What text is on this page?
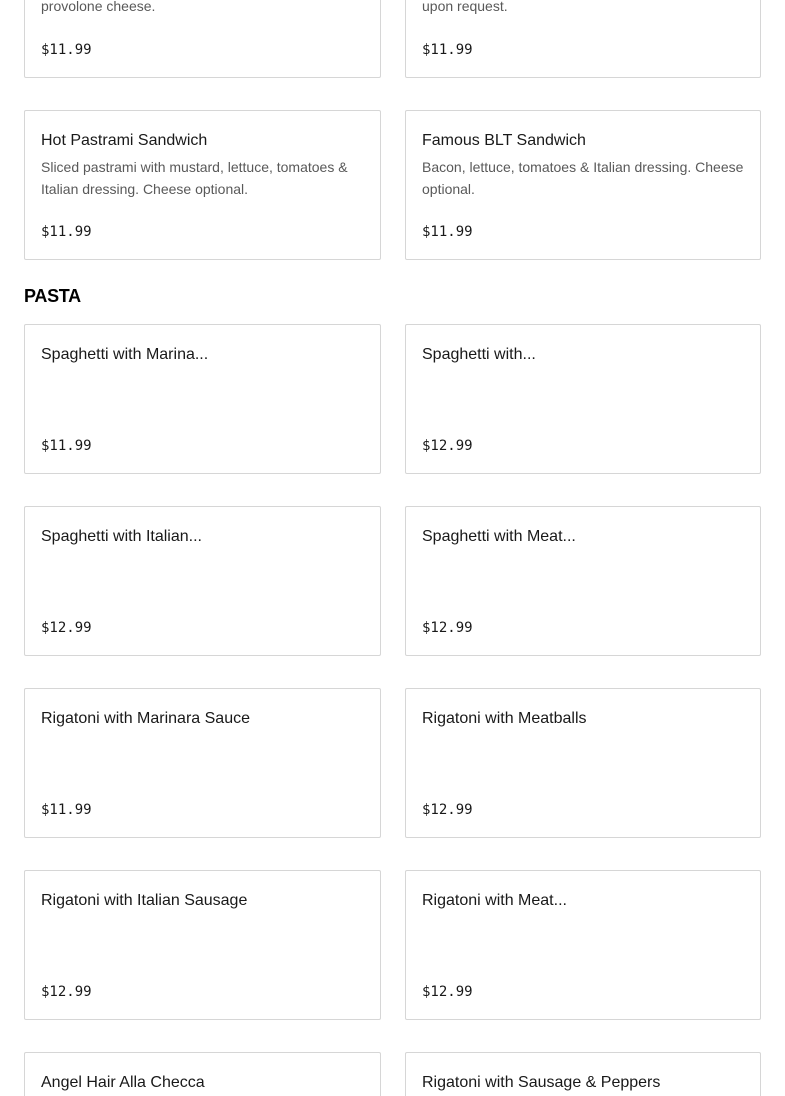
provolone cheese.
$11.99
upon request.
$11.99
Hot Pastrami Sandwich
Sliced pastrami with mustard, lettuce, tomatoes & Italian dressing. Cheese optional.
$11.99
Famous BLT Sandwich
Bacon, lettuce, tomatoes & Italian dressing. Cheese optional.
$11.99
PASTA
Spaghetti with Marina...
$11.99
Spaghetti with...
$12.99
Spaghetti with Italian...
$12.99
Spaghetti with Meat...
$12.99
Rigatoni with Marinara Sauce
$11.99
Rigatoni with Meatballs
$12.99
Rigatoni with Italian Sausage
$12.99
Rigatoni with Meat...
$12.99
Angel Hair Alla Checca	Rigatoni with Sausage & Peppers
